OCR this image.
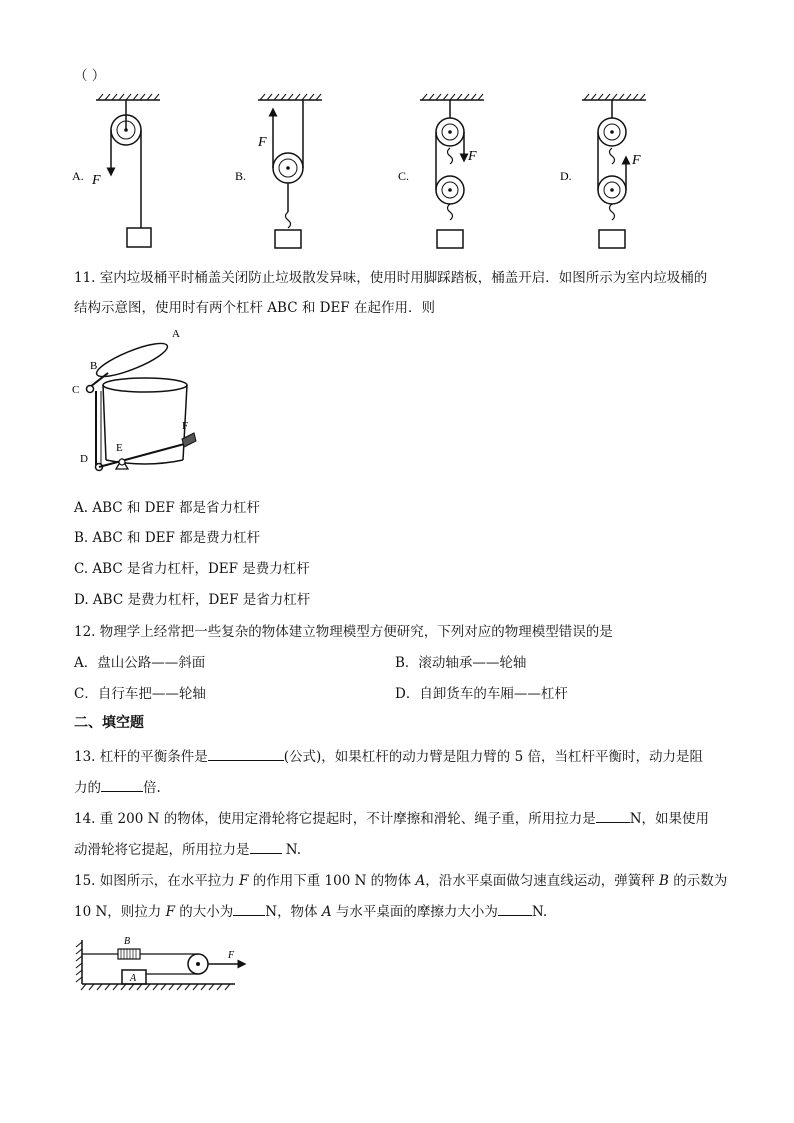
（ ）
A. F	B.
F
C.
F
D.
F
11. 室内垃圾桶平时桶盖关闭防止垃圾散发异味，使用时用脚踩踏板，桶盖开启．如图所示为室内垃圾桶的
结构示意图，使用时有两个杠杆 ABC 和 DEF 在起作用．则
A
B
C
D
E
F
A. ABC 和 DEF 都是省力杠杆
B. ABC 和 DEF 都是费力杠杆
C. ABC 是省力杠杆，DEF 是费力杠杆
D. ABC 是费力杠杆，DEF 是省力杠杆
12. 物理学上经常把一些复杂的物体建立物理模型方便研究，下列对应的物理模型错误的是
A．盘山公路——斜面	B．滚动轴承——轮轴
C．自行车把——轮轴	D．自卸货车的车厢——杠杆
二、填空题
13. 杠杆的平衡条件是	(公式)，如果杠杆的动力臂是阻力臂的 5 倍，当杠杆平衡时，动力是阻
力的	倍.
14. 重 200 N 的物体，使用定滑轮将它提起时，不计摩擦和滑轮、绳子重，所用拉力是	N，如果使用
动滑轮将它提起，所用拉力是 N.
15. 如图所示，在水平拉力 F 的作用下重 100 N 的物体 A，沿水平桌面做匀速直线运动，弹簧秤 B 的示数为
10 N，则拉力 F 的大小为 N，物体 A 与水平桌面的摩擦力大小为	N.
B
A
F
